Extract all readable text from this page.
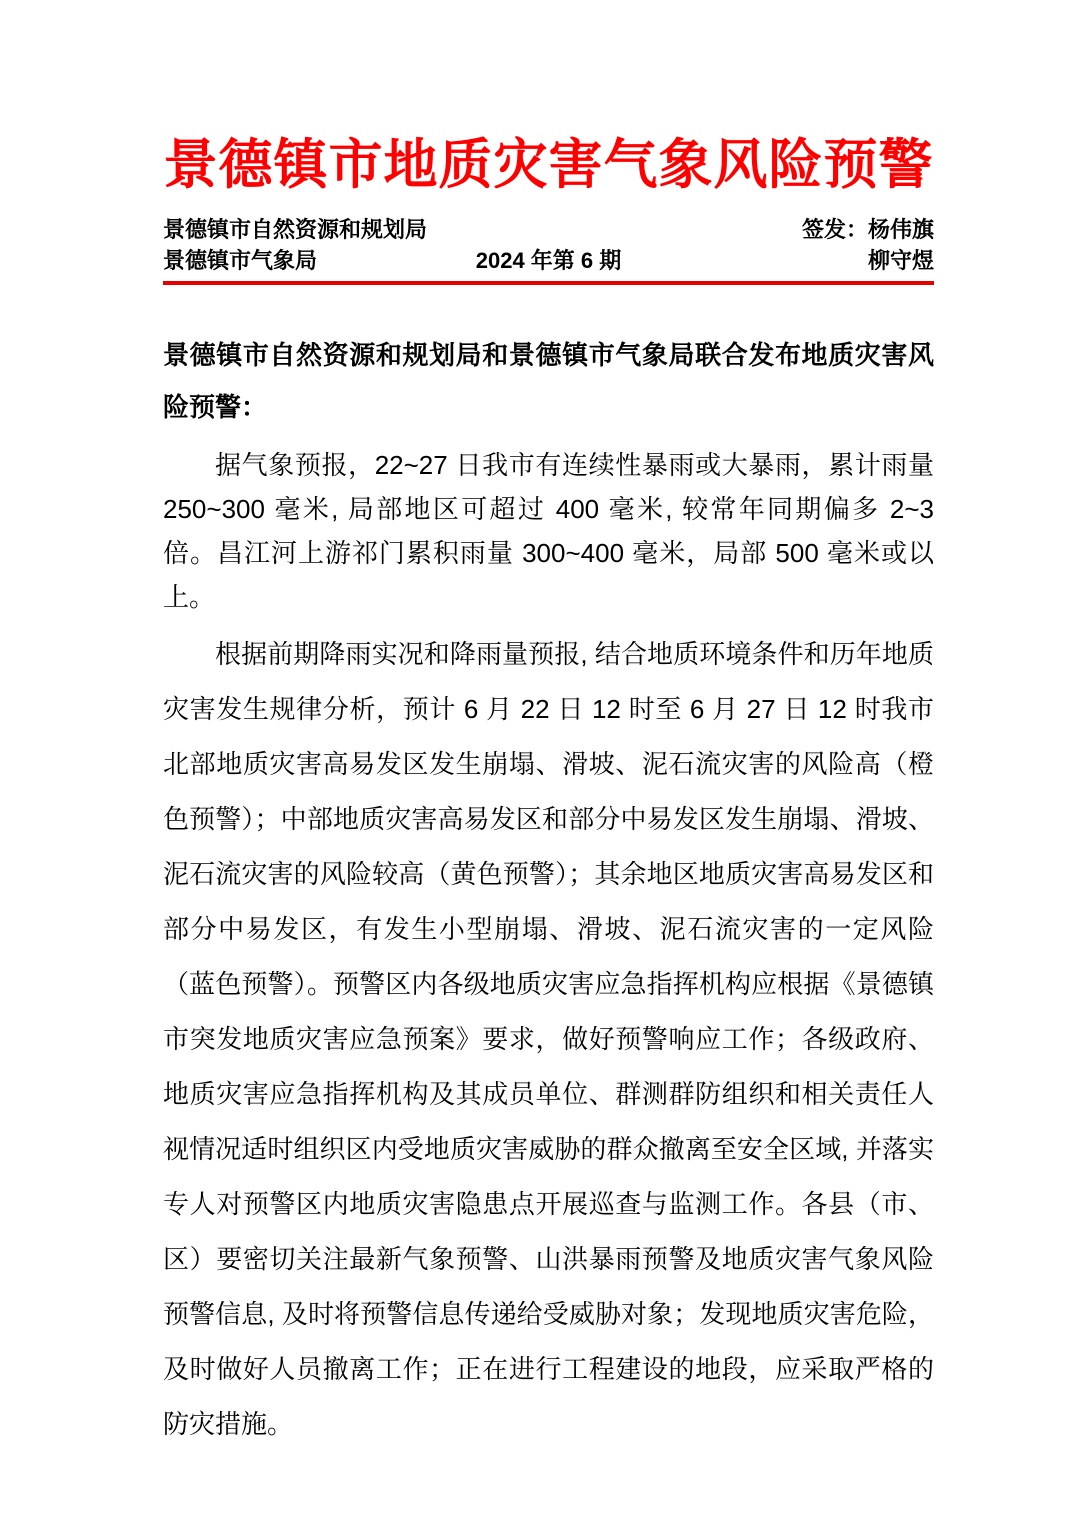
景德镇市地质灾害气象风险预警
景德镇市自然资源和规划局	签发：杨伟旗
景德镇市气象局	2024 年第 6 期	柳守煜

景德镇市自然资源和规划局和景德镇市气象局联合发布地质灾害风险预警：

据气象预报，22~27 日我市有连续性暴雨或大暴雨，累计雨量 250~300 毫米, 局部地区可超过 400 毫米, 较常年同期偏多 2~3 倍。昌江河上游祁门累积雨量 300~400 毫米，局部 500 毫米或以上。

根据前期降雨实况和降雨量预报, 结合地质环境条件和历年地质灾害发生规律分析，预计 6 月 22 日 12 时至 6 月 27 日 12 时我市北部地质灾害高易发区发生崩塌、滑坡、泥石流灾害的风险高（橙色预警）；中部地质灾害高易发区和部分中易发区发生崩塌、滑坡、泥石流灾害的风险较高（黄色预警）；其余地区地质灾害高易发区和部分中易发区，有发生小型崩塌、滑坡、泥石流灾害的一定风险（蓝色预警）。预警区内各级地质灾害应急指挥机构应根据《景德镇市突发地质灾害应急预案》要求，做好预警响应工作；各级政府、地质灾害应急指挥机构及其成员单位、群测群防组织和相关责任人视情况适时组织区内受地质灾害威胁的群众撤离至安全区域, 并落实专人对预警区内地质灾害隐患点开展巡查与监测工作。各县（市、区）要密切关注最新气象预警、山洪暴雨预警及地质灾害气象风险预警信息, 及时将预警信息传递给受威胁对象；发现地质灾害危险，及时做好人员撤离工作；正在进行工程建设的地段，应采取严格的防灾措施。
